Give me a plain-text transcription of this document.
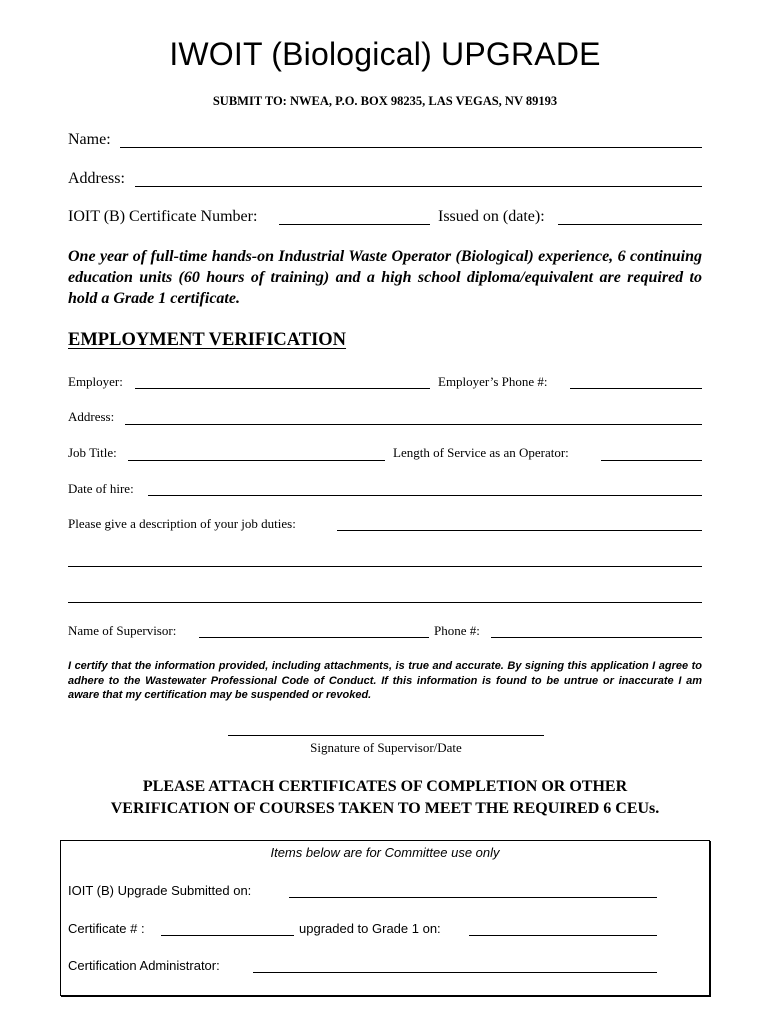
IWOIT (Biological) UPGRADE
SUBMIT TO: NWEA, P.O. BOX 98235, LAS VEGAS, NV 89193
Name:
Address:
IOIT (B) Certificate Number:	Issued on (date):
One year of full-time hands-on Industrial Waste Operator (Biological) experience, 6 continuing education units (60 hours of training) and a high school diploma/equivalent are required to hold a Grade 1 certificate.
EMPLOYMENT VERIFICATION
Employer:	Employer’s Phone #:
Address:
Job Title:	Length of Service as an Operator:
Date of hire:
Please give a description of your job duties:
Name of Supervisor:	Phone #:
I certify that the information provided, including attachments, is true and accurate. By signing this application I agree to adhere to the Wastewater Professional Code of Conduct. If this information is found to be untrue or inaccurate I am aware that my certification may be suspended or revoked.
Signature of Supervisor/Date
PLEASE ATTACH CERTIFICATES OF COMPLETION OR OTHER
VERIFICATION OF COURSES TAKEN TO MEET THE REQUIRED 6 CEUs.
Items below are for Committee use only
IOIT (B) Upgrade Submitted on:
Certificate # :	upgraded to Grade 1 on:
Certification Administrator:
